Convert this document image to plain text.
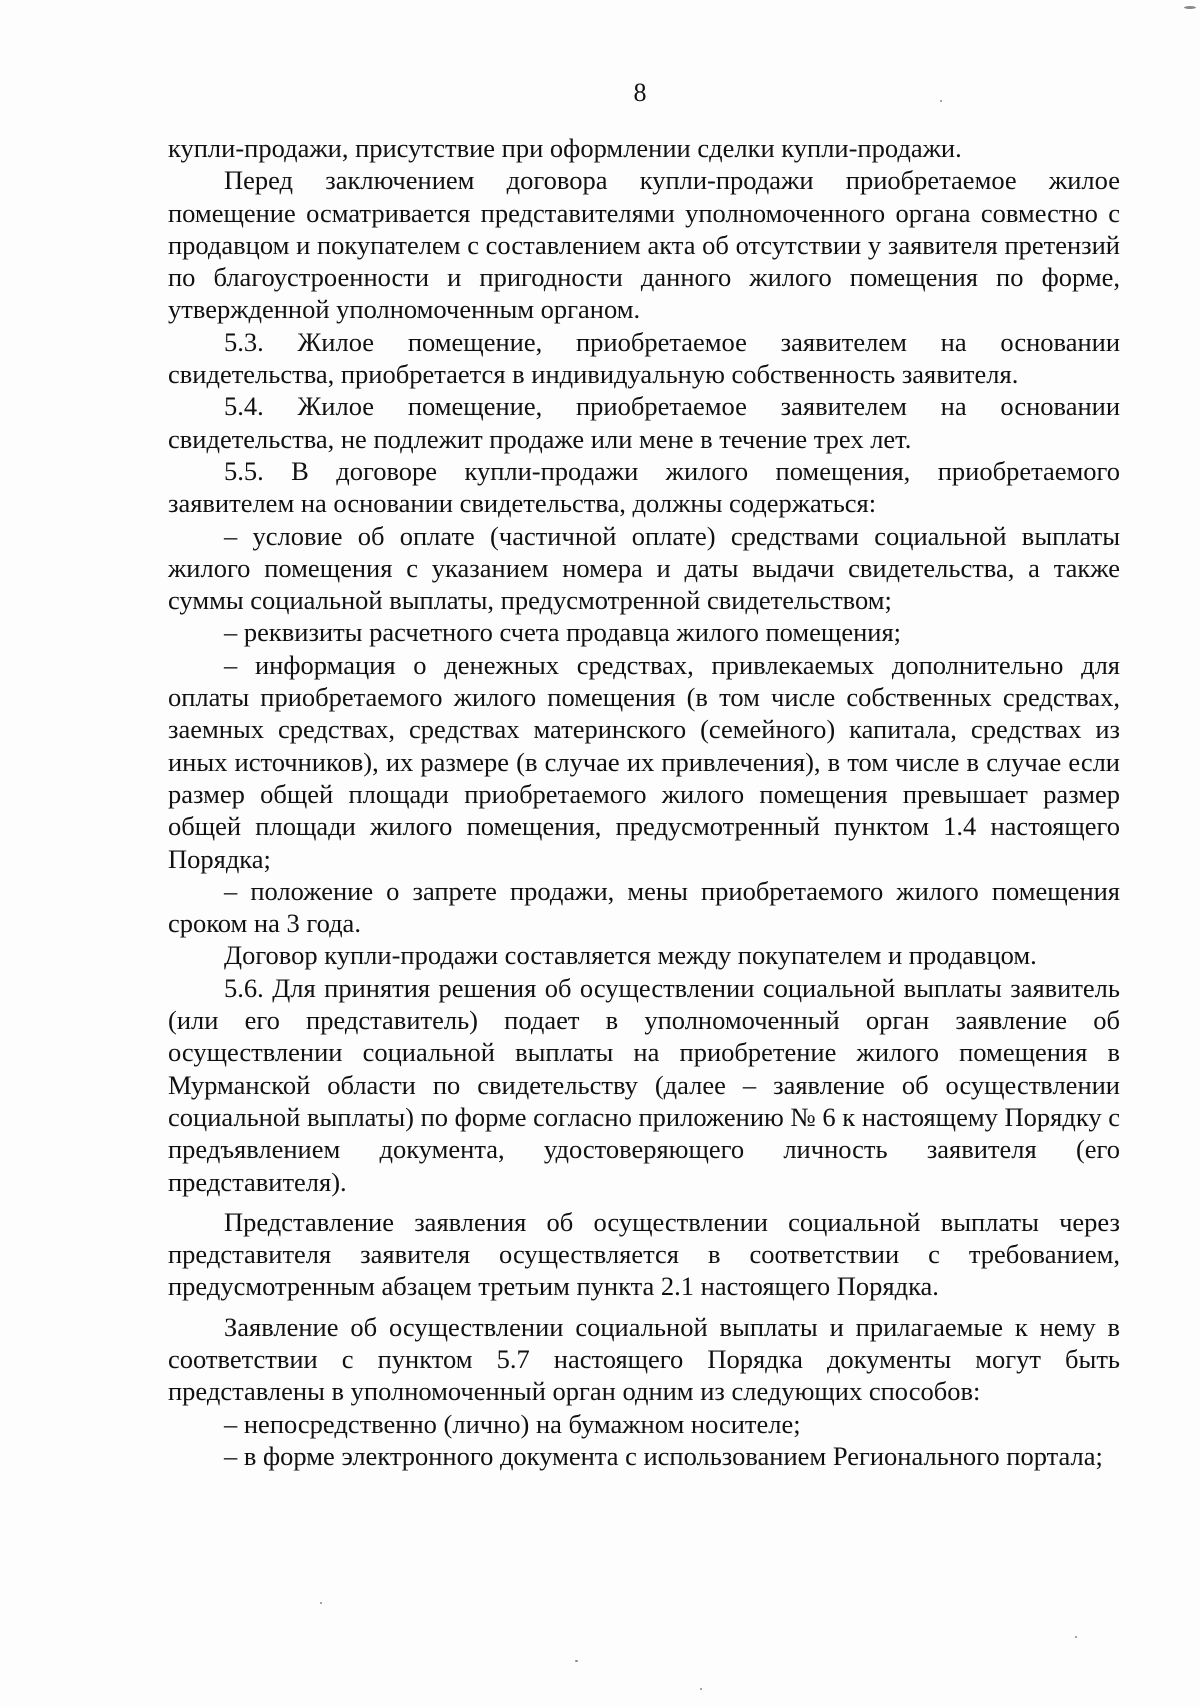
8

купли-продажи, присутствие при оформлении сделки купли-продажи.

Перед заключением договора купли-продажи приобретаемое жилое помещение осматривается представителями уполномоченного органа совместно с продавцом и покупателем с составлением акта об отсутствии у заявителя претензий по благоустроенности и пригодности данного жилого помещения по форме, утвержденной уполномоченным органом.

5.3. Жилое помещение, приобретаемое заявителем на основании свидетельства, приобретается в индивидуальную собственность заявителя.

5.4. Жилое помещение, приобретаемое заявителем на основании свидетельства, не подлежит продаже или мене в течение трех лет.

5.5. В договоре купли-продажи жилого помещения, приобретаемого заявителем на основании свидетельства, должны содержаться:

– условие об оплате (частичной оплате) средствами социальной выплаты жилого помещения с указанием номера и даты выдачи свидетельства, а также суммы социальной выплаты, предусмотренной свидетельством;

– реквизиты расчетного счета продавца жилого помещения;

– информация о денежных средствах, привлекаемых дополнительно для оплаты приобретаемого жилого помещения (в том числе собственных средствах, заемных средствах, средствах материнского (семейного) капитала, средствах из иных источников), их размере (в случае их привлечения), в том числе в случае если размер общей площади приобретаемого жилого помещения превышает размер общей площади жилого помещения, предусмотренный пунктом 1.4 настоящего Порядка;

– положение о запрете продажи, мены приобретаемого жилого помещения сроком на 3 года.

Договор купли-продажи составляется между покупателем и продавцом.

5.6. Для принятия решения об осуществлении социальной выплаты заявитель (или его представитель) подает в уполномоченный орган заявление об осуществлении социальной выплаты на приобретение жилого помещения в Мурманской области по свидетельству (далее – заявление об осуществлении социальной выплаты) по форме согласно приложению № 6 к настоящему Порядку с предъявлением документа, удостоверяющего личность заявителя (его представителя).

Представление заявления об осуществлении социальной выплаты через представителя заявителя осуществляется в соответствии с требованием, предусмотренным абзацем третьим пункта 2.1 настоящего Порядка.

Заявление об осуществлении социальной выплаты и прилагаемые к нему в соответствии с пунктом 5.7 настоящего Порядка документы могут быть представлены в уполномоченный орган одним из следующих способов:

– непосредственно (лично) на бумажном носителе;

– в форме электронного документа с использованием Регионального портала;
